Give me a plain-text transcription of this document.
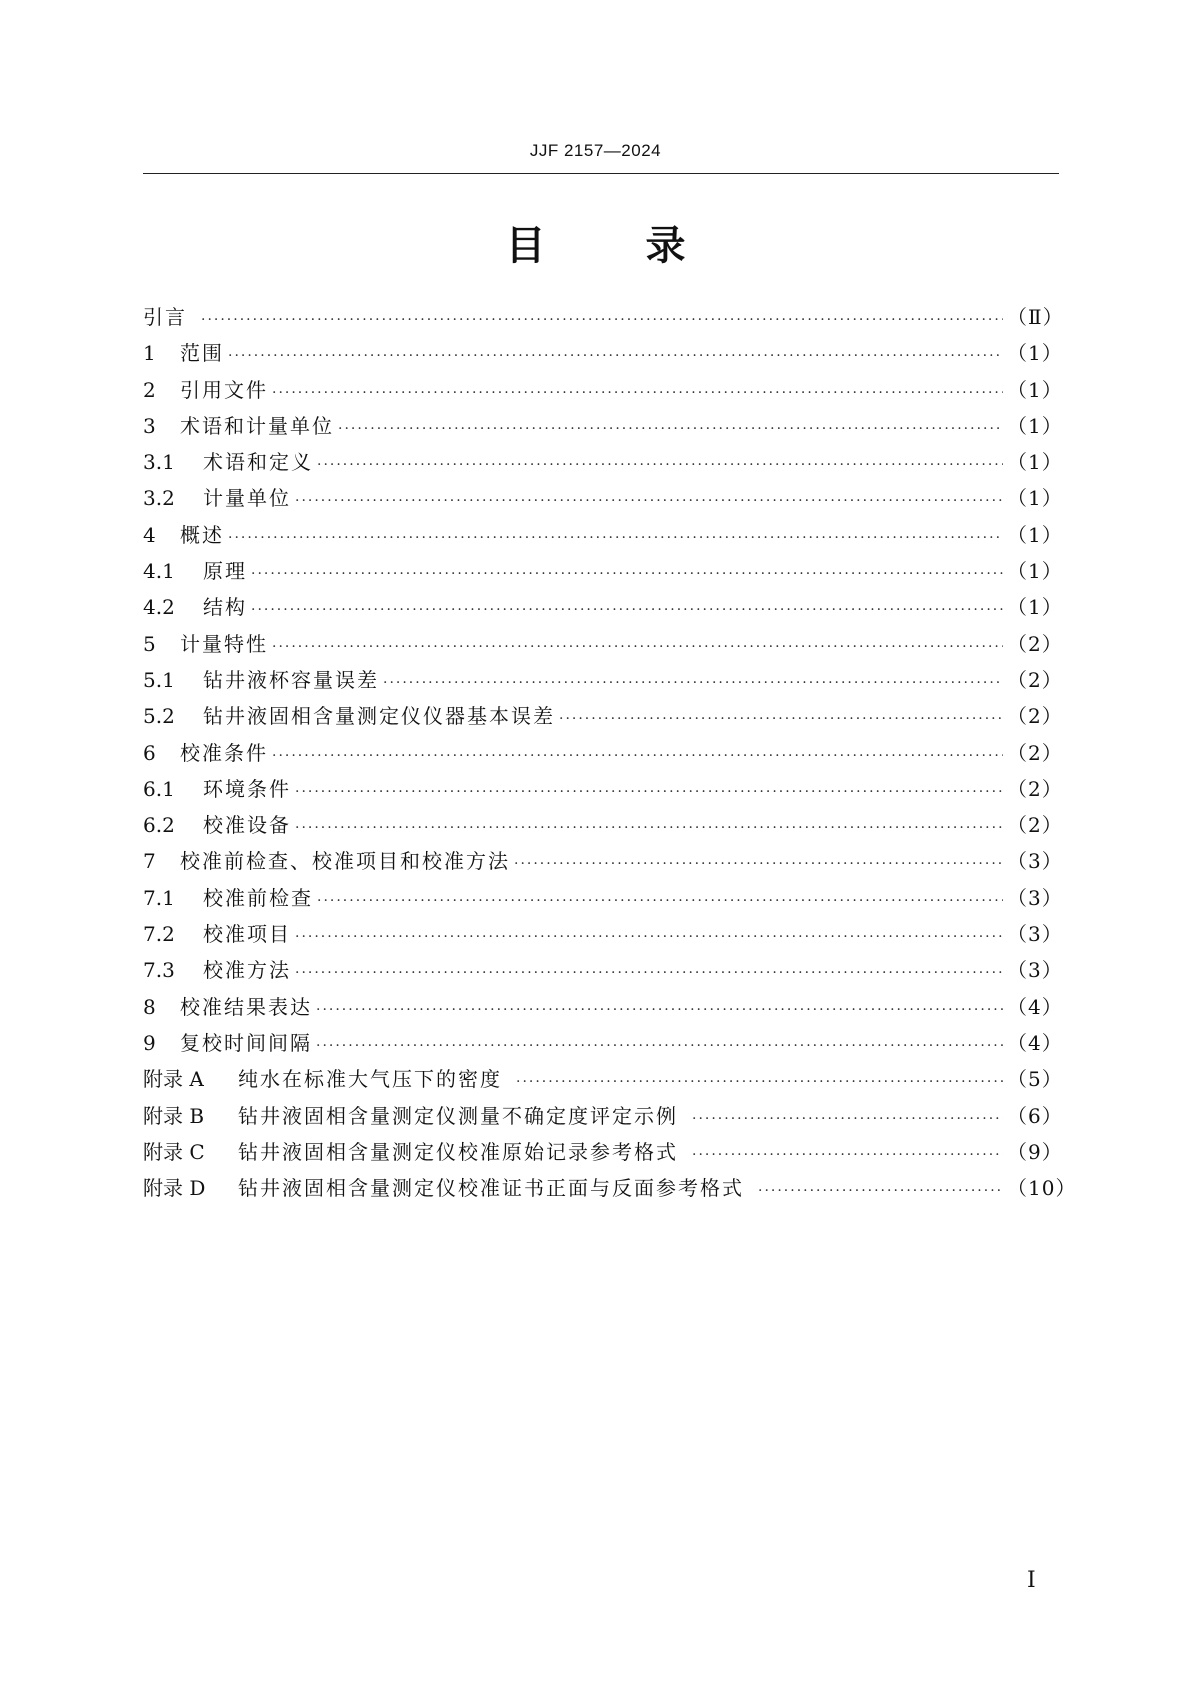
JJF 2157—2024
目	录
引言 ·····	（Ⅱ）
1	范围 ·····	（1）
2	引用文件 ·····	（1）
3	术语和计量单位 ·····	（1）
3.1	术语和定义 ·····	（1）
3.2	计量单位 ·····	（1）
4	概述 ·····	（1）
4.1	原理 ·····	（1）
4.2	结构 ·····	（1）
5	计量特性 ·····	（2）
5.1	钻井液杯容量误差 ·····	（2）
5.2	钻井液固相含量测定仪仪器基本误差 ·····	（2）
6	校准条件 ·····	（2）
6.1	环境条件 ·····	（2）
6.2	校准设备 ·····	（2）
7	校准前检查、校准项目和校准方法 ·····	（3）
7.1	校准前检查 ·····	（3）
7.2	校准项目 ·····	（3）
7.3	校准方法 ·····	（3）
8	校准结果表达 ·····	（4）
9	复校时间间隔 ·····	（4）
附录 A	纯水在标准大气压下的密度 ·····	（5）
附录 B	钻井液固相含量测定仪测量不确定度评定示例 ·····	（6）
附录 C	钻井液固相含量测定仪校准原始记录参考格式 ·····	（9）
附录 D	钻井液固相含量测定仪校准证书正面与反面参考格式 ·····	（10）
Ⅰ
